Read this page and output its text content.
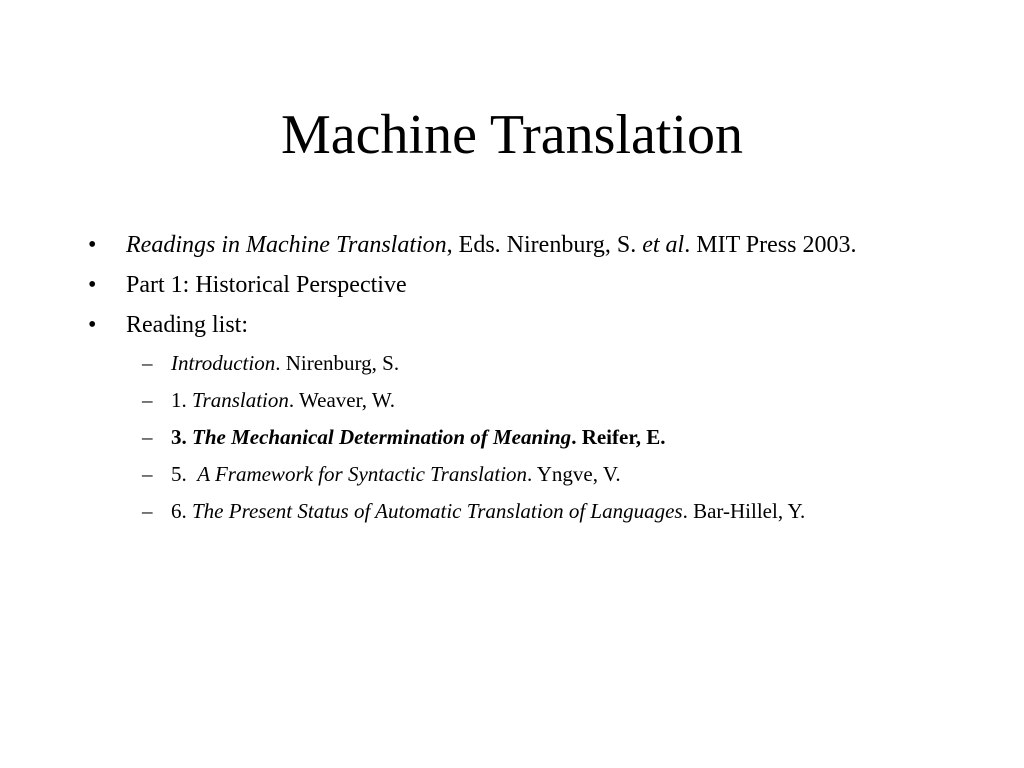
Machine Translation
•	Readings in Machine Translation, Eds. Nirenburg, S. et al. MIT Press 2003.
•	Part 1: Historical Perspective
•	Reading list:
– Introduction. Nirenburg, S.
– 1. Translation. Weaver, W.
– 3. The Mechanical Determination of Meaning. Reifer, E.
– 5.  A Framework for Syntactic Translation. Yngve, V.
– 6. The Present Status of Automatic Translation of Languages. Bar-Hillel, Y.
